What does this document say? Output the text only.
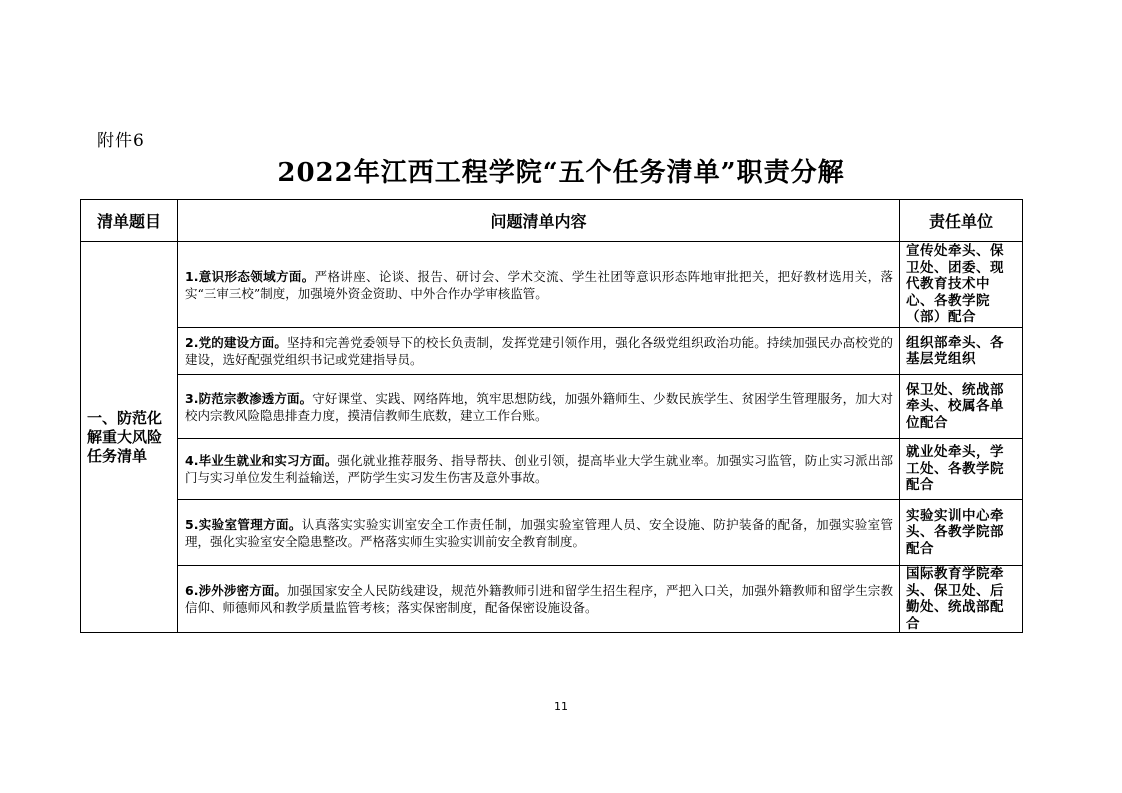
附件6
2022年江西工程学院“五个任务清单”职责分解
清单题目	问题清单内容	责任单位
一、防范化解重大风险任务清单	1.意识形态领域方面。严格讲座、论谈、报告、研讨会、学术交流、学生社团等意识形态阵地审批把关，把好教材选用关，落实“三审三校”制度，加强境外资金资助、中外合作办学审核监管。	宣传处牵头、保卫处、团委、现代教育技术中心、各教学院（部）配合
	2.党的建设方面。坚持和完善党委领导下的校长负责制，发挥党建引领作用，强化各级党组织政治功能。持续加强民办高校党的建设，选好配强党组织书记或党建指导员。	组织部牵头、各基层党组织
	3.防范宗教渗透方面。守好课堂、实践、网络阵地，筑牢思想防线，加强外籍师生、少数民族学生、贫困学生管理服务，加大对校内宗教风险隐患排查力度，摸清信教师生底数，建立工作台账。	保卫处、统战部牵头、校属各单位配合
	4.毕业生就业和实习方面。强化就业推荐服务、指导帮扶、创业引领，提高毕业大学生就业率。加强实习监管，防止实习派出部门与实习单位发生利益输送，严防学生实习发生伤害及意外事故。	就业处牵头，学工处、各教学院配合
	5.实验室管理方面。认真落实实验实训室安全工作责任制，加强实验室管理人员、安全设施、防护装备的配备，加强实验室管理，强化实验室安全隐患整改。严格落实师生实验实训前安全教育制度。	实验实训中心牵头、各教学院部配合
	6.涉外涉密方面。加强国家安全人民防线建设，规范外籍教师引进和留学生招生程序，严把入口关，加强外籍教师和留学生宗教信仰、师德师风和教学质量监管考核；落实保密制度，配备保密设施设备。	国际教育学院牵头、保卫处、后勤处、统战部配合
11
